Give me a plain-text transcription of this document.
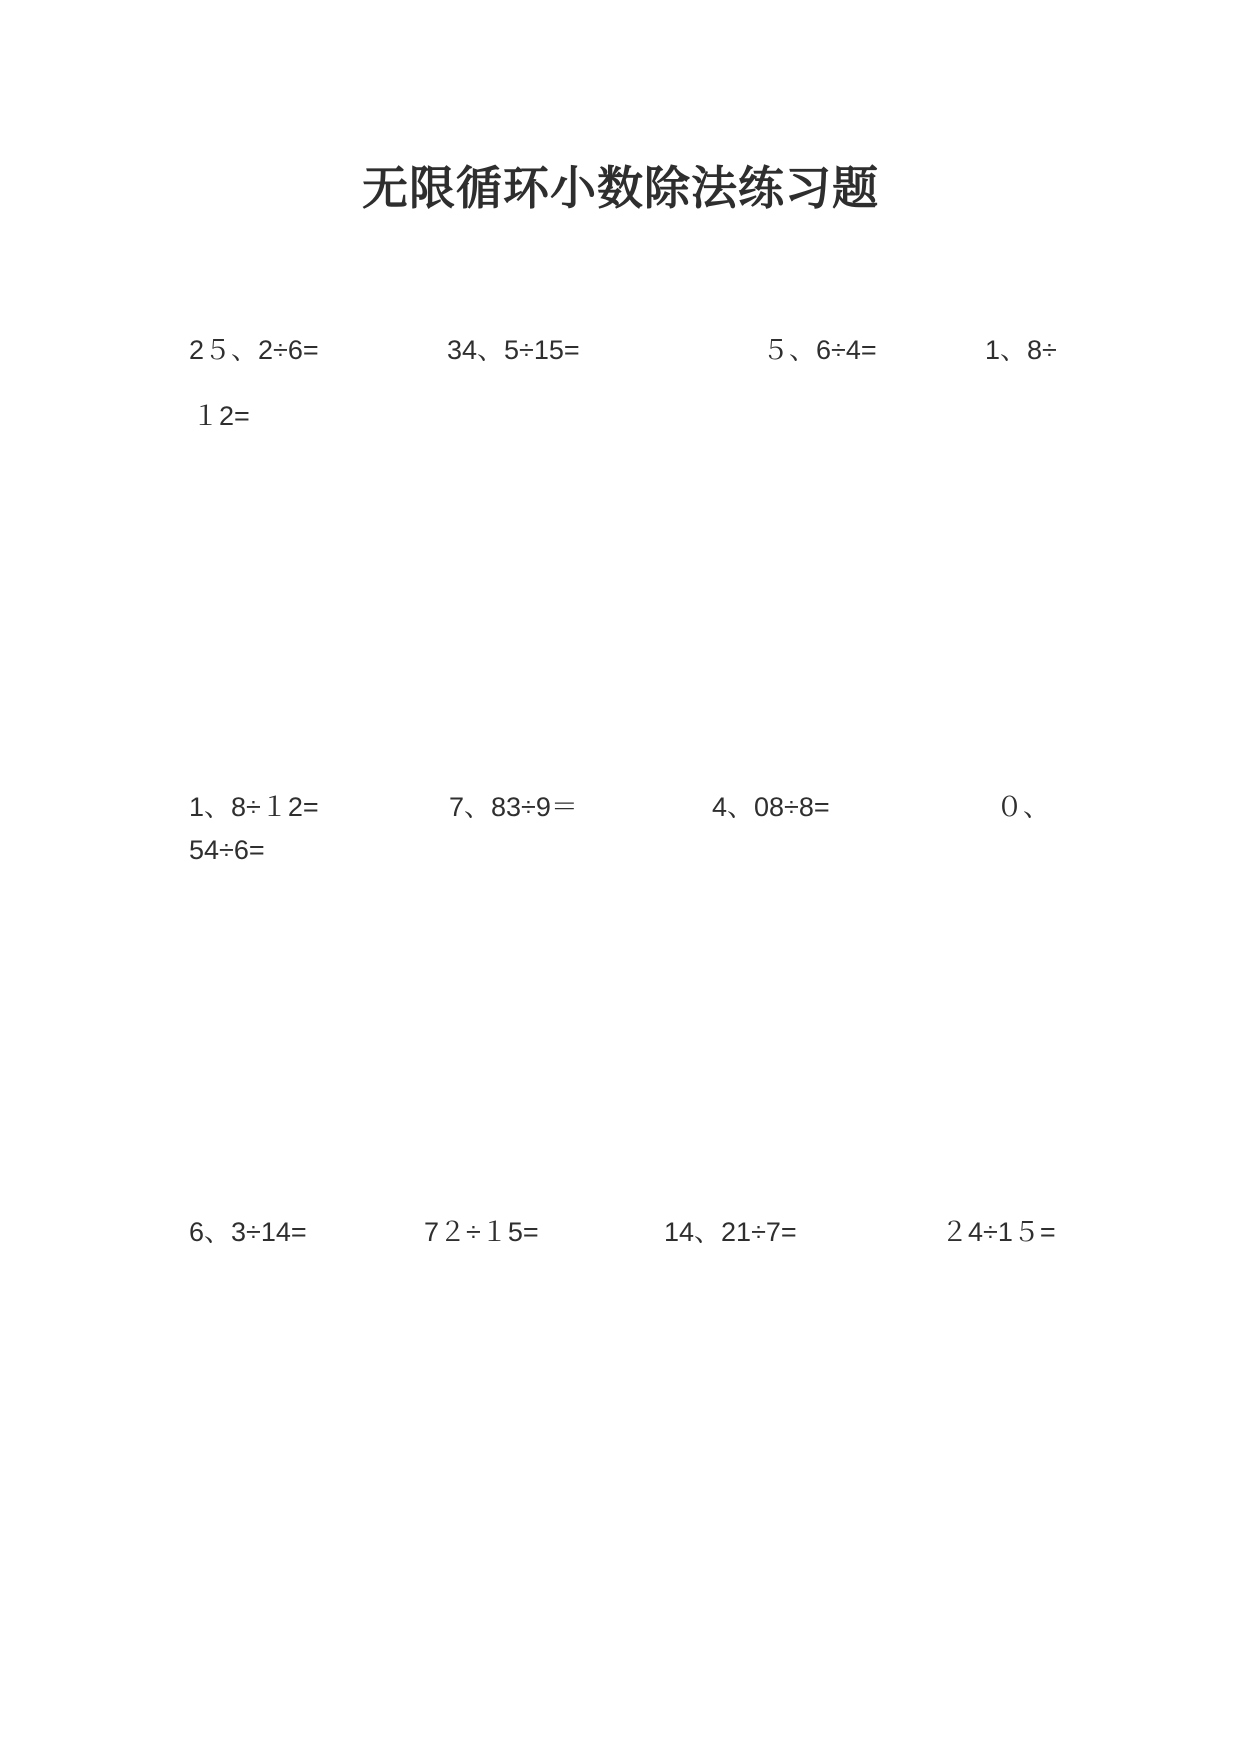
无限循环小数除法练习题
2５、2÷6=	34、5÷15=	５、6÷4=	1、8÷
１2=
1、8÷１2=	7、83÷9＝	4、08÷8=	０、
54÷6=
6、3÷14=	7２÷１5=	14、21÷7=	２4÷1５=
